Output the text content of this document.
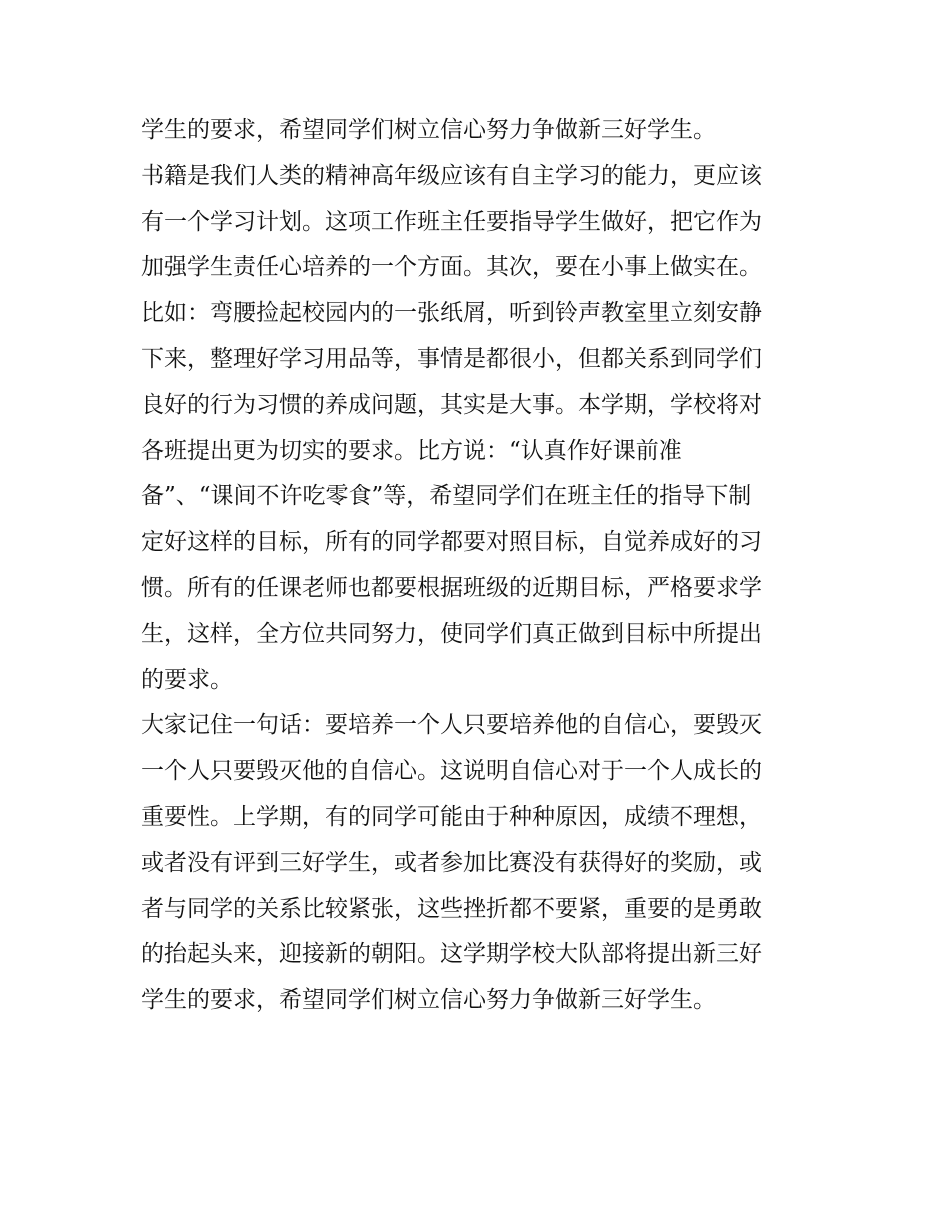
学生的要求，希望同学们树立信心努力争做新三好学生。
书籍是我们人类的精神高年级应该有自主学习的能力，更应该
有一个学习计划。这项工作班主任要指导学生做好，把它作为
加强学生责任心培养的一个方面。其次，要在小事上做实在。
比如：弯腰捡起校园内的一张纸屑，听到铃声教室里立刻安静
下来，整理好学习用品等，事情是都很小，但都关系到同学们
良好的行为习惯的养成问题，其实是大事。本学期，学校将对
各班提出更为切实的要求。比方说：“认真作好课前准
备”、“课间不许吃零食”等，希望同学们在班主任的指导下制
定好这样的目标，所有的同学都要对照目标，自觉养成好的习
惯。所有的任课老师也都要根据班级的近期目标，严格要求学
生，这样，全方位共同努力，使同学们真正做到目标中所提出
的要求。
大家记住一句话：要培养一个人只要培养他的自信心，要毁灭
一个人只要毁灭他的自信心。这说明自信心对于一个人成长的
重要性。上学期，有的同学可能由于种种原因，成绩不理想，
或者没有评到三好学生，或者参加比赛没有获得好的奖励，或
者与同学的关系比较紧张，这些挫折都不要紧，重要的是勇敢
的抬起头来，迎接新的朝阳。这学期学校大队部将提出新三好
学生的要求，希望同学们树立信心努力争做新三好学生。
